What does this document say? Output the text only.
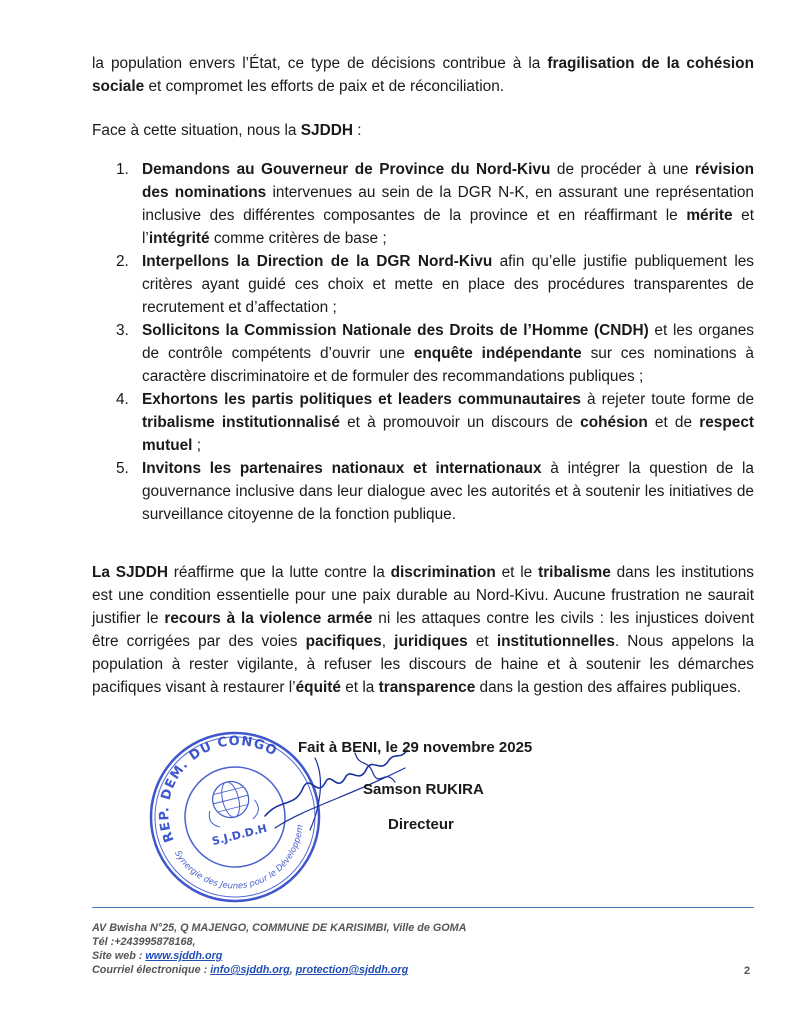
la population envers l’État, ce type de décisions contribue à la fragilisation de la cohésion sociale et compromet les efforts de paix et de réconciliation.

Face à cette situation, nous la SJDDH :

1. Demandons au Gouverneur de Province du Nord-Kivu de procéder à une révision des nominations intervenues au sein de la DGR N-K, en assurant une représentation inclusive des différentes composantes de la province et en réaffirmant le mérite et l’intégrité comme critères de base ;
2. Interpellons la Direction de la DGR Nord-Kivu afin qu’elle justifie publiquement les critères ayant guidé ces choix et mette en place des procédures transparentes de recrutement et d’affectation ;
3. Sollicitons la Commission Nationale des Droits de l’Homme (CNDH) et les organes de contrôle compétents d’ouvrir une enquête indépendante sur ces nominations à caractère discriminatoire et de formuler des recommandations publiques ;
4. Exhortons les partis politiques et leaders communautaires à rejeter toute forme de tribalisme institutionnalisé et à promouvoir un discours de cohésion et de respect mutuel ;
5. Invitons les partenaires nationaux et internationaux à intégrer la question de la gouvernance inclusive dans leur dialogue avec les autorités et à soutenir les initiatives de surveillance citoyenne de la fonction publique.

La SJDDH réaffirme que la lutte contre la discrimination et le tribalisme dans les institutions est une condition essentielle pour une paix durable au Nord-Kivu. Aucune frustration ne saurait justifier le recours à la violence armée ni les attaques contre les civils : les injustices doivent être corrigées par des voies pacifiques, juridiques et institutionnelles. Nous appelons la population à rester vigilante, à refuser les discours de haine et à soutenir les démarches pacifiques visant à restaurer l’équité et la transparence dans la gestion des affaires publiques.

REP. DEM. DU CONGO
Synergie des Jeunes pour le Développement
S.J.D.D.H
Fait à BENI, le 29 novembre 2025
Samson RUKIRA
Directeur
AV Bwisha N°25, Q MAJENGO, COMMUNE DE KARISIMBI, Ville de GOMA
Tél :+243995878168,
Site web : www.sjddh.org
Courriel électronique : info@sjddh.org, protection@sjddh.org	2
